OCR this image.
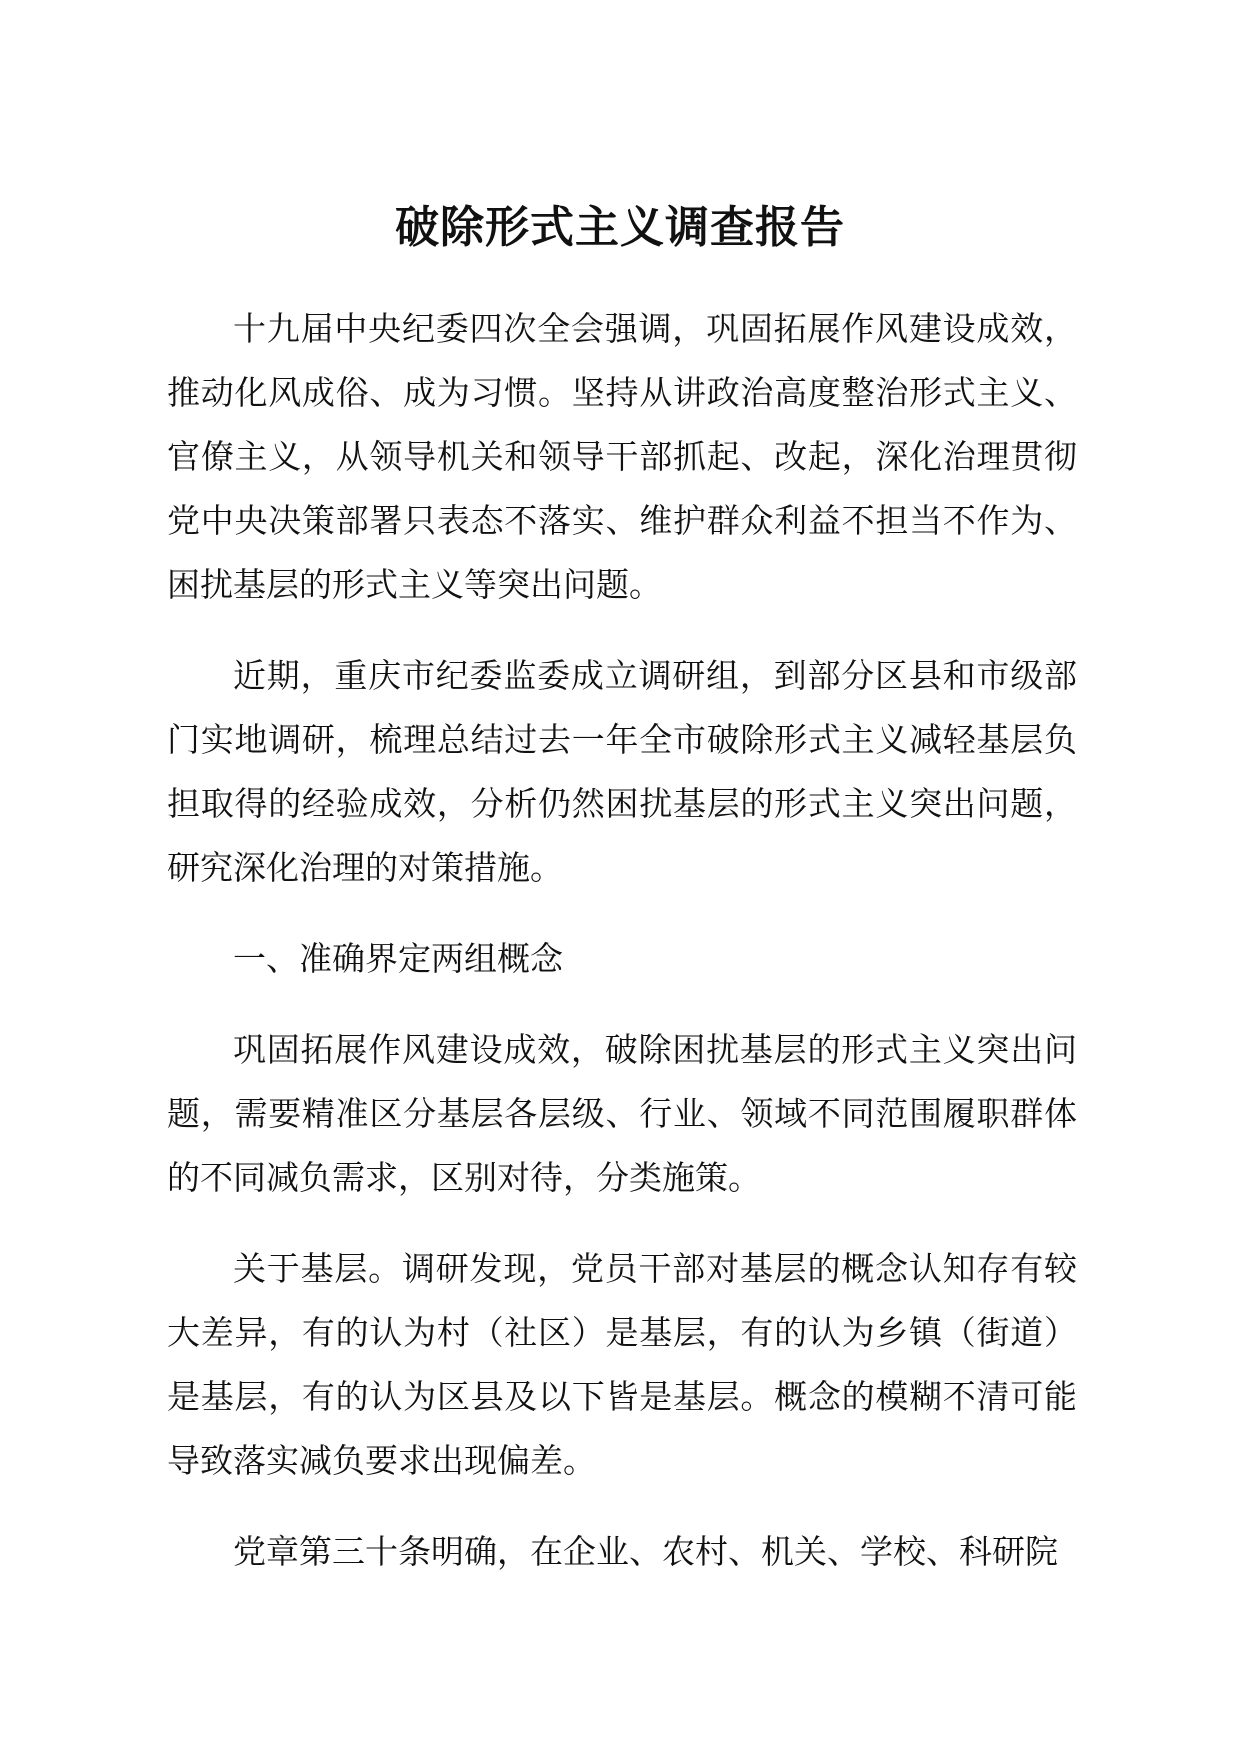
破除形式主义调查报告

十九届中央纪委四次全会强调，巩固拓展作风建设成效，推动化风成俗、成为习惯。坚持从讲政治高度整治形式主义、官僚主义，从领导机关和领导干部抓起、改起，深化治理贯彻党中央决策部署只表态不落实、维护群众利益不担当不作为、困扰基层的形式主义等突出问题。

近期，重庆市纪委监委成立调研组，到部分区县和市级部门实地调研，梳理总结过去一年全市破除形式主义减轻基层负担取得的经验成效，分析仍然困扰基层的形式主义突出问题，研究深化治理的对策措施。

一、准确界定两组概念

巩固拓展作风建设成效，破除困扰基层的形式主义突出问题，需要精准区分基层各层级、行业、领域不同范围履职群体的不同减负需求，区别对待，分类施策。

关于基层。调研发现，党员干部对基层的概念认知存有较大差异，有的认为村（社区）是基层，有的认为乡镇（街道）是基层，有的认为区县及以下皆是基层。概念的模糊不清可能导致落实减负要求出现偏差。

党章第三十条明确，在企业、农村、机关、学校、科研院
